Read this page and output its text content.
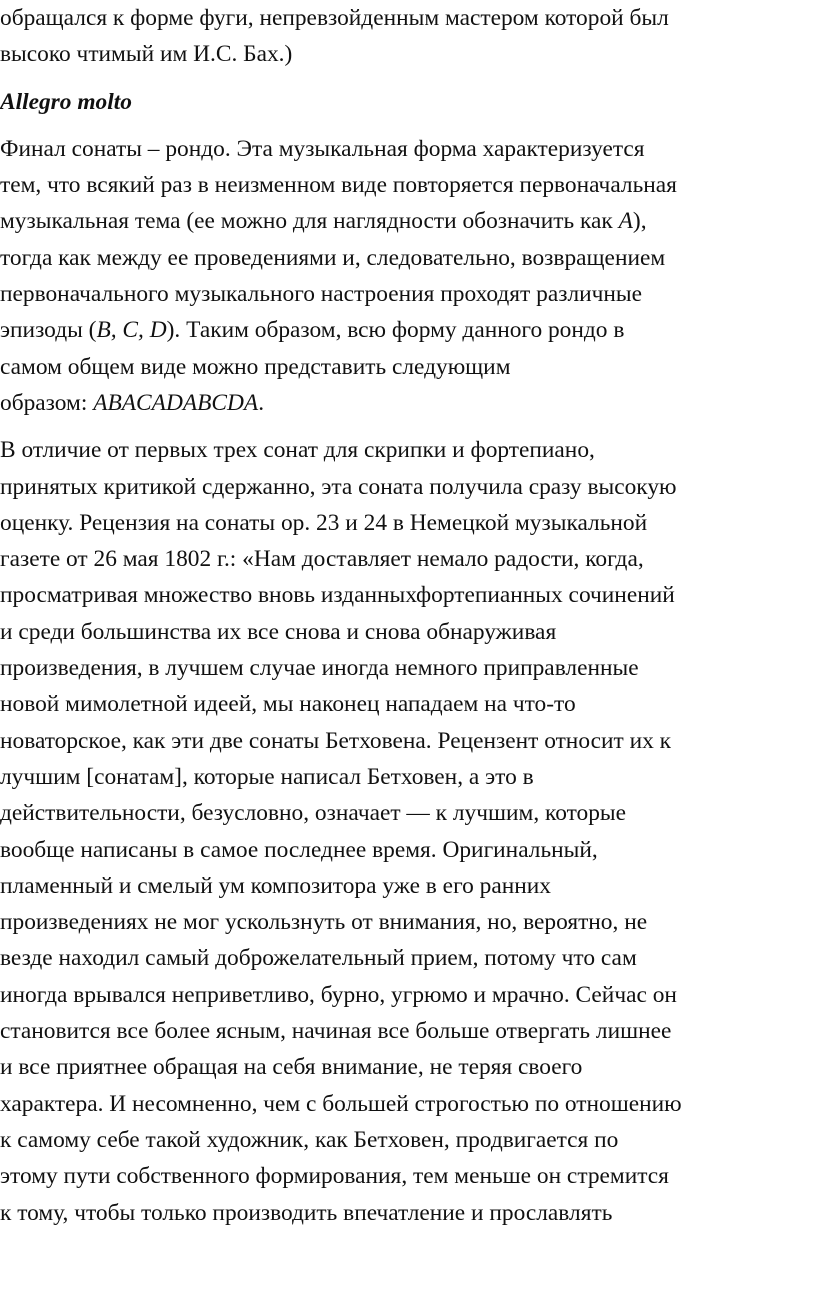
обращался к форме фуги, непревзойденным мастером которой был
высоко чтимый им И.С. Бах.)
Allegro molto
Финал сонаты – рондо. Эта музыкальная форма характеризуется
тем, что всякий раз в неизменном виде повторяется первоначальная
музыкальная тема (ее можно для наглядности обозначить как А),
тогда как между ее проведениями и, следовательно, возвращением
первоначального музыкального настроения проходят различные
эпизоды (B, C, D). Таким образом, всю форму данного рондо в
самом общем виде можно представить следующим
образом: ABACADABCDA.
В отличие от первых трех сонат для скрипки и фортепиано,
принятых критикой сдержанно, эта соната получила сразу высокую
оценку. Рецензия на сонаты op. 23 и 24 в Немецкой музыкальной
газете от 26 мая 1802 г.: «Нам доставляет немало радости, когда,
просматривая множество вновь изданныхфортепианных сочинений
и среди большинства их все снова и снова обнаруживая
произведения, в лучшем случае иногда немного приправленные
новой мимолетной идеей, мы наконец нападаем на что-то
новаторское, как эти две сонаты Бетховена. Рецензент относит их к
лучшим [сонатам], которые написал Бетховен, а это в
действительности, безусловно, означает — к лучшим, которые
вообще написаны в самое последнее время. Оригинальный,
пламенный и смелый ум композитора уже в его ранних
произведениях не мог ускользнуть от внимания, но, вероятно, не
везде находил самый доброжелательный прием, потому что сам
иногда врывался неприветливо, бурно, угрюмо и мрачно. Сейчас он
становится все более ясным, начиная все больше отвергать лишнее
и все приятнее обращая на себя внимание, не теряя своего
характера. И несомненно, чем с большей строгостью по отношению
к самому себе такой художник, как Бетховен, продвигается по
этому пути собственного формирования, тем меньше он стремится
к тому, чтобы только производить впечатление и прославлять
